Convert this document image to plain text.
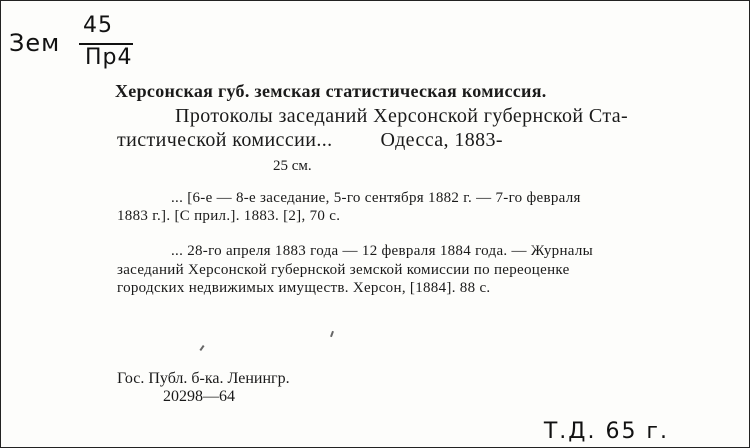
Зем
45
Пр4
Херсонская губ. земская статистическая комиссия.
Протоколы заседаний Херсонской губернской Ста-
тистической комиссии... Одесса, 1883-
25 см.
... [6-е — 8-е заседание, 5-го сентября 1882 г. — 7-го февраля
1883 г.]. [С прил.]. 1883. [2], 70 с.
... 28-го апреля 1883 года — 12 февраля 1884 года. — Журналы
заседаний Херсонской губернской земской комиссии по переоценке
городских недвижимых имуществ. Херсон, [1884]. 88 с.
Гос. Публ. б-ка. Ленингр.
20298—64
Т.Д. 65 г.
